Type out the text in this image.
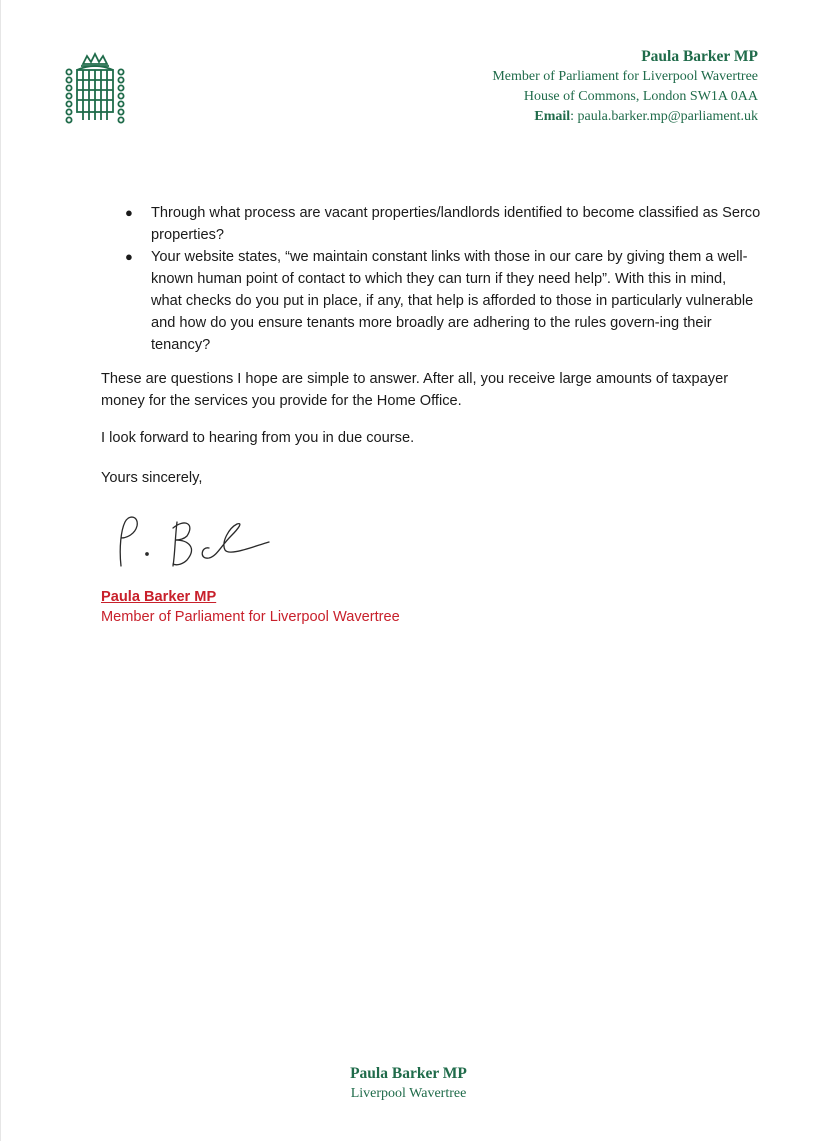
Paula Barker MP
Member of Parliament for Liverpool Wavertree
House of Commons, London SW1A 0AA
Email: paula.barker.mp@parliament.uk
● Through what process are vacant properties/landlords identified to become classified as Serco properties?
● Your website states, “we maintain constant links with those in our care by giving them a well-known human point of contact to which they can turn if they need help”. With this in mind, what checks do you put in place, if any, that help is afforded to those in particularly vulnerable and how do you ensure tenants more broadly are adhering to the rules govern-ing their tenancy?

These are questions I hope are simple to answer. After all, you receive large amounts of taxpayer money for the services you provide for the Home Office.

I look forward to hearing from you in due course.

Yours sincerely,

Paula Barker MP
Member of Parliament for Liverpool Wavertree
Paula Barker MP
Liverpool Wavertree
